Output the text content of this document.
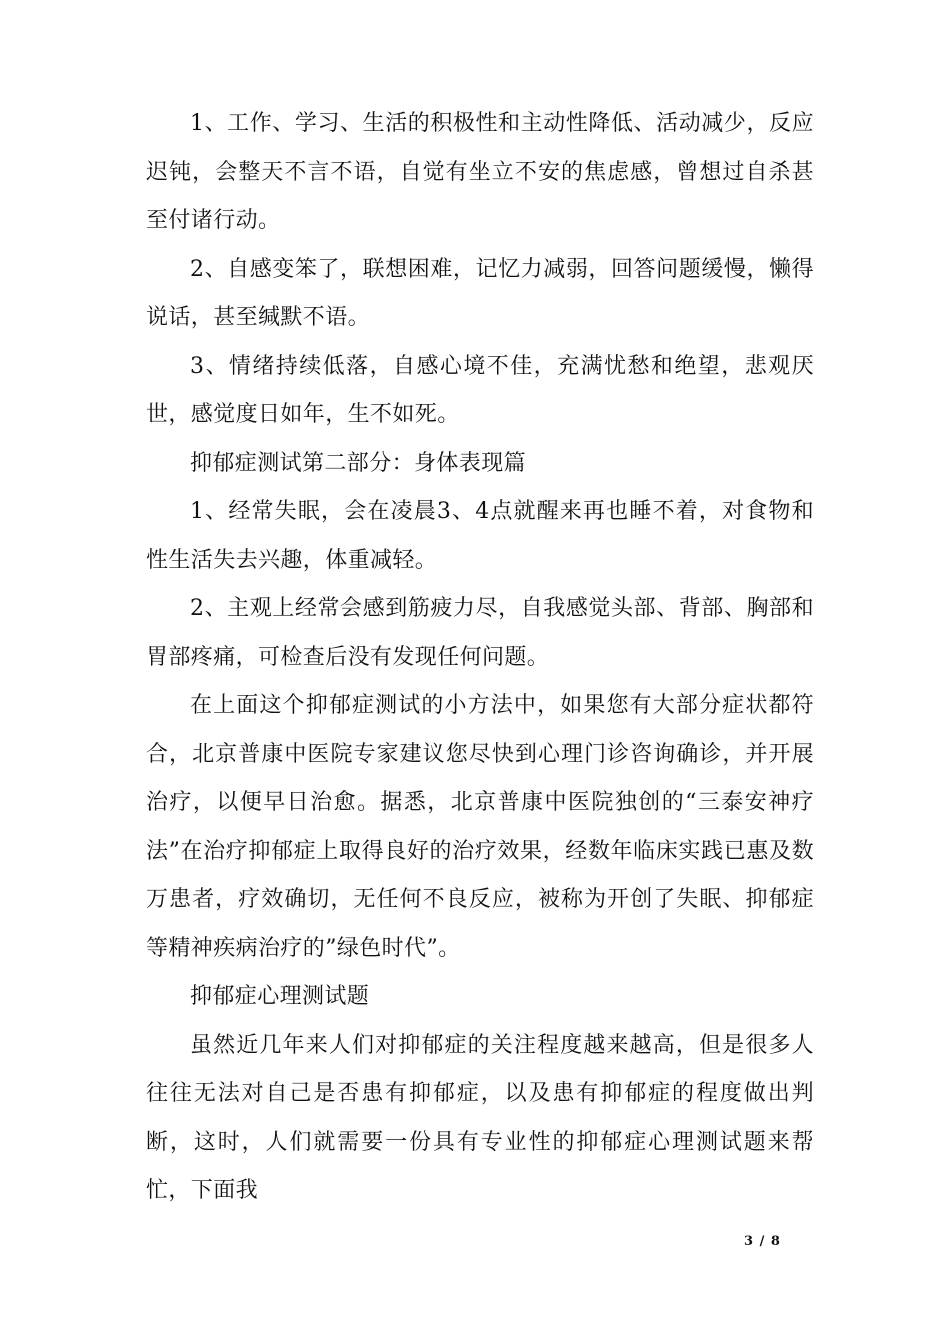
1、工作、学习、生活的积极性和主动性降低、活动减少，反应迟钝，会整天不言不语，自觉有坐立不安的焦虑感，曾想过自杀甚至付诸行动。

2、自感变笨了，联想困难，记忆力减弱，回答问题缓慢，懒得说话，甚至缄默不语。

3、情绪持续低落，自感心境不佳，充满忧愁和绝望，悲观厌世，感觉度日如年，生不如死。

抑郁症测试第二部分：身体表现篇

1、经常失眠，会在凌晨3、4点就醒来再也睡不着，对食物和性生活失去兴趣，体重减轻。

2、主观上经常会感到筋疲力尽，自我感觉头部、背部、胸部和胃部疼痛，可检查后没有发现任何问题。

在上面这个抑郁症测试的小方法中，如果您有大部分症状都符合，北京普康中医院专家建议您尽快到心理门诊咨询确诊，并开展治疗，以便早日治愈。据悉，北京普康中医院独创的“三泰安神疗法”在治疗抑郁症上取得良好的治疗效果，经数年临床实践已惠及数万患者，疗效确切，无任何不良反应，被称为开创了失眠、抑郁症等精神疾病治疗的”绿色时代”。

抑郁症心理测试题

虽然近几年来人们对抑郁症的关注程度越来越高，但是很多人往往无法对自己是否患有抑郁症，以及患有抑郁症的程度做出判断，这时，人们就需要一份具有专业性的抑郁症心理测试题来帮忙，下面我

3 / 8
